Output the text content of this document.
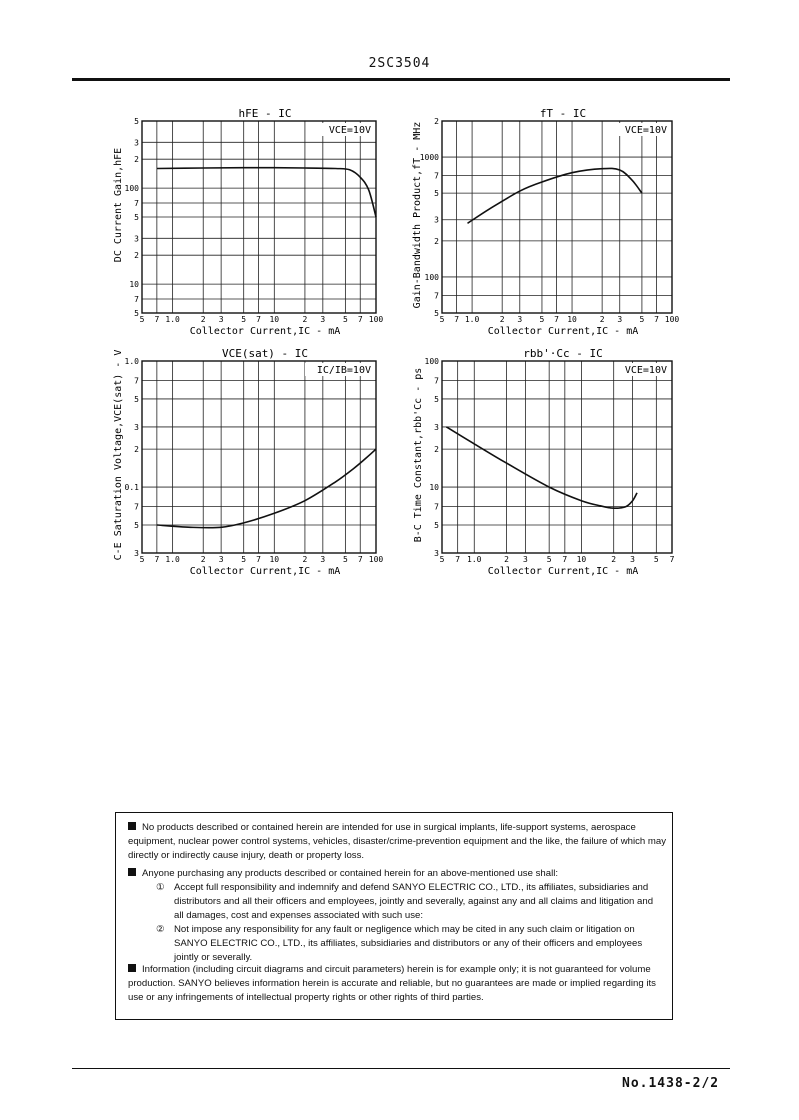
2SC3504
5 7 1.0	2 3 5 7 10	2 3 5 7 100
5
7
10
2
3
5
7
100
2
3
5
hFE - IC
VCE=10V
Collector Current,IC - mA
DC Current Gain,hFE
5 7 1.0	2 3 5 7 10	2 3 5 7 100
5
7
100
2
3
5
7
1000
2
fT - IC
VCE=10V
Collector Current,IC - mA
Gain-Bandwidth Product,fT - MHz
5 7 1.0	2 3 5 7 10	2 3 5 7 100
3
5
7
0.1
2
3
5
7
1.0
VCE(sat) - IC
IC/IB=10V
Collector Current,IC - mA
C-E Saturation Voltage,VCE(sat) - V	5 7 1.0	2 3 5 7 10	2 3 5 7
3
5
7
10
2
3
5
7
100
rbb'·Cc - IC
VCE=10V
Collector Current,IC - mA
B-C Time Constant,rbb'Cc - ps
No products described or contained herein are intended for use in surgical implants, life-support systems, aerospace equipment, nuclear power control systems, vehicles, disaster/crime-prevention equipment and the like, the failure of which may directly or indirectly cause injury, death or property loss.
Anyone purchasing any products described or contained herein for an above-mentioned use shall:
① Accept full responsibility and indemnify and defend SANYO ELECTRIC CO., LTD., its affiliates, subsidiaries and distributors and all their officers and employees, jointly and severally, against any and all claims and litigation and all damages, cost and expenses associated with such use:
② Not impose any responsibility for any fault or negligence which may be cited in any such claim or litigation on SANYO ELECTRIC CO., LTD., its affiliates, subsidiaries and distributors or any of their officers and employees jointly or severally.
Information (including circuit diagrams and circuit parameters) herein is for example only; it is not guaranteed for volume production. SANYO believes information herein is accurate and reliable, but no guarantees are made or implied regarding its use or any infringements of intellectual property rights or other rights of third parties.
No.1438-2/2
